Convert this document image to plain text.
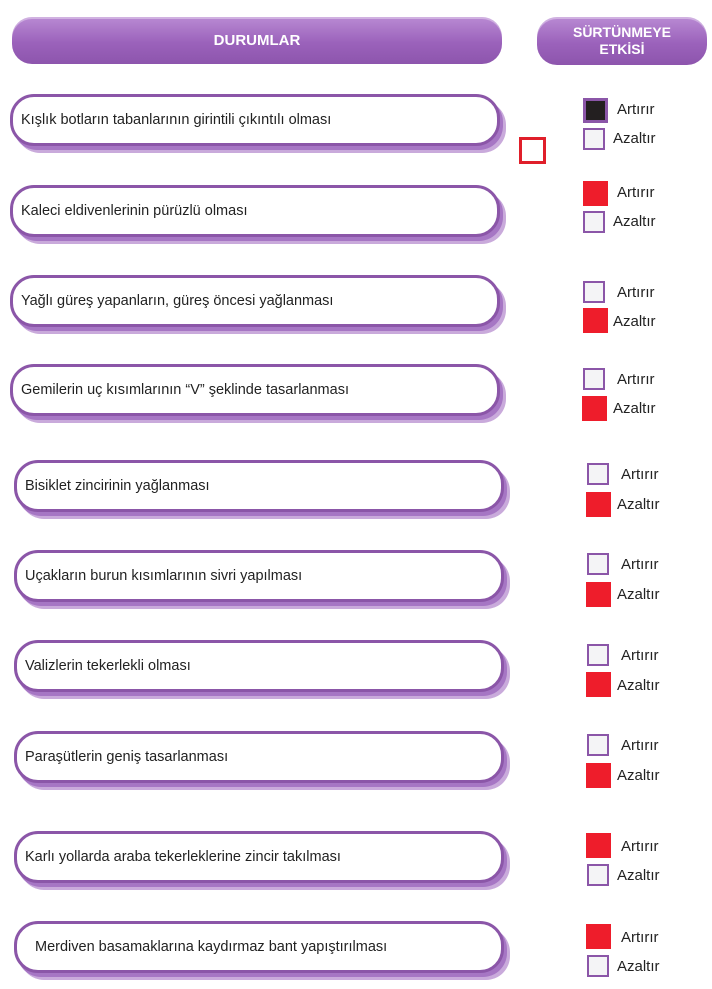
DURUMLAR	SÜRTÜNMEYE
ETKİSİ
Kışlık botların tabanlarının girintili çıkıntılı olması
Artırır
Azaltır
Kaleci eldivenlerinin pürüzlü olması
Artırır
Azaltır
Yağlı güreş yapanların, güreş öncesi yağlanması	Artırır
Azaltır
Gemilerin uç kısımlarının “V” şeklinde tasarlanması
Artırır
Azaltır
Bisiklet zincirinin yağlanması
Artırır
Azaltır
Uçakların burun kısımlarının sivri yapılması
Artırır
Azaltır
Valizlerin tekerlekli olması
Artırır
Azaltır
Paraşütlerin geniş tasarlanması
Artırır
Azaltır
Karlı yollarda araba tekerleklerine zincir takılması
Artırır
Azaltır
Merdiven basamaklarına kaydırmaz bant yapıştırılması
Artırır
Azaltır
